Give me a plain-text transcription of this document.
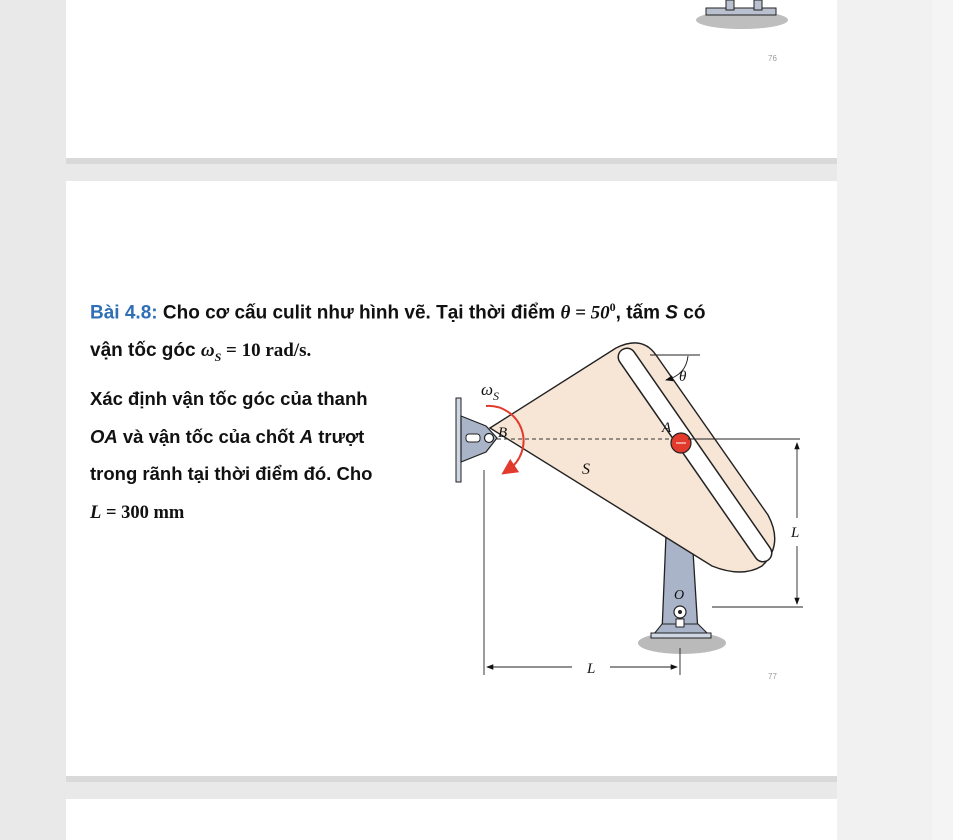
76
77
Bài 4.8: Cho cơ cấu culit như hình vẽ. Tại thời điểm $\theta = 50^0$, tấm S có
vận tốc góc $\omega_S = 10$ rad/s.
Xác định vận tốc góc của thanh
OA và vận tốc của chốt A trượt
trong rãnh tại thời điểm đó. Cho
L = 300 mm
$\omega_S$
B	A
S
θ
L
L
O
